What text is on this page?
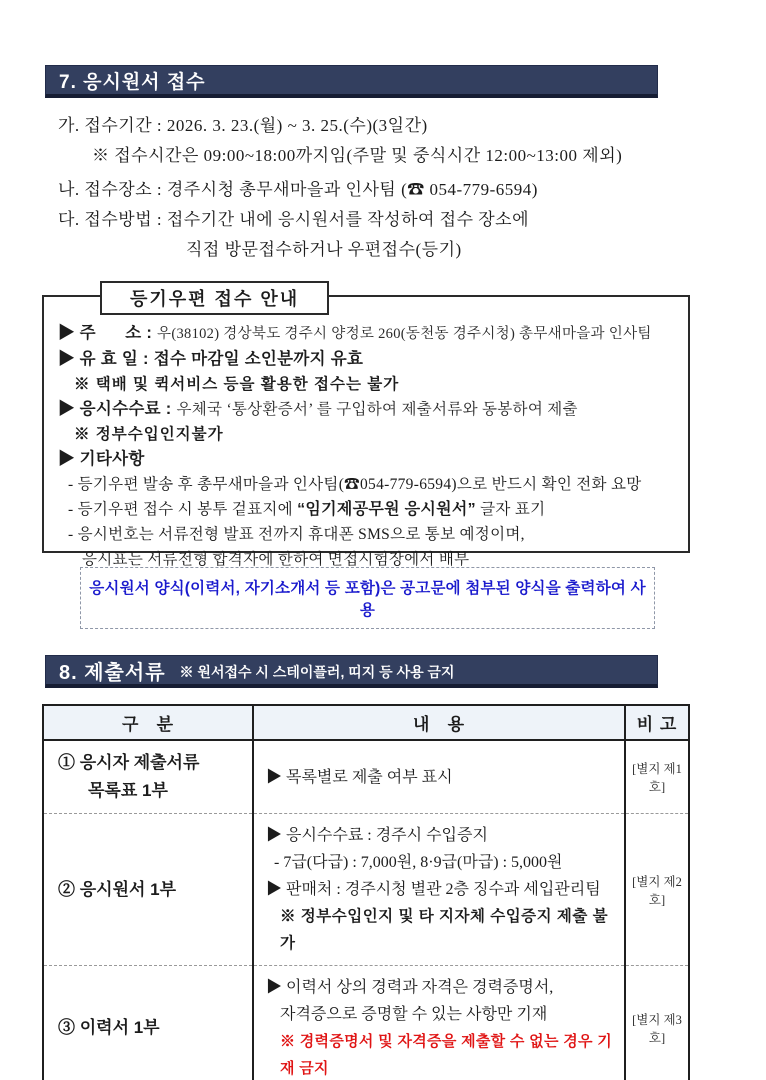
7. 응시원서 접수
가. 접수기간 : 2026. 3. 23.(월) ~ 3. 25.(수)(3일간)
※ 접수시간은 09:00~18:00까지임(주말 및 중식시간 12:00~13:00 제외)
나. 접수장소 : 경주시청 총무새마을과 인사팀 (☎ 054-779-6594)
다. 접수방법 : 접수기간 내에 응시원서를 작성하여 접수 장소에
직접 방문접수하거나 우편접수(등기)
등기우편 접수 안내
▶ 주      소 : 우(38102) 경상북도 경주시 양정로 260(동천동 경주시청) 총무새마을과 인사팀
▶ 유 효 일 : 접수 마감일 소인분까지 유효
※ 택배 및 퀵서비스 등을 활용한 접수는 불가
▶ 응시수수료 : 우체국 ‘통상환증서’ 를 구입하여 제출서류와 동봉하여 제출
※ 정부수입인지불가
▶ 기타사항
- 등기우편 발송 후 총무새마을과 인사팀(☎054-779-6594)으로 반드시 확인 전화 요망
- 등기우편 접수 시 봉투 겉표지에 “임기제공무원 응시원서” 글자 표기
- 응시번호는 서류전형 발표 전까지 휴대폰 SMS으로 통보 예정이며,
응시표는 서류전형 합격자에 한하여 면접시험장에서 배부
응시원서 양식(이력서, 자기소개서 등 포함)은 공고문에 첨부된 양식을 출력하여 사용
8. 제출서류 ※ 원서접수 시 스테이플러, 띠지 등 사용 금지
구   분	내   용	비 고

① 응시자 제출서류
목록표 1부	▶ 목록별로 제출 여부 표시	[별지 제1호]

② 응시원서 1부	▶ 응시수수료 : 경주시 수입증지
- 7급(다급) : 7,000원, 8·9급(마급) : 5,000원
▶ 판매처 : 경주시청 별관 2층 징수과 세입관리팀
※ 정부수입인지 및 타 지자체 수입증지 제출 불가	[별지 제2호]

③ 이력서 1부	▶ 이력서 상의 경력과 자격은 경력증명서,
자격증으로 증명할 수 있는 사항만 기재
※ 경력증명서 및 자격증을 제출할 수 없는 경우 기재 금지	[별지 제3호]
